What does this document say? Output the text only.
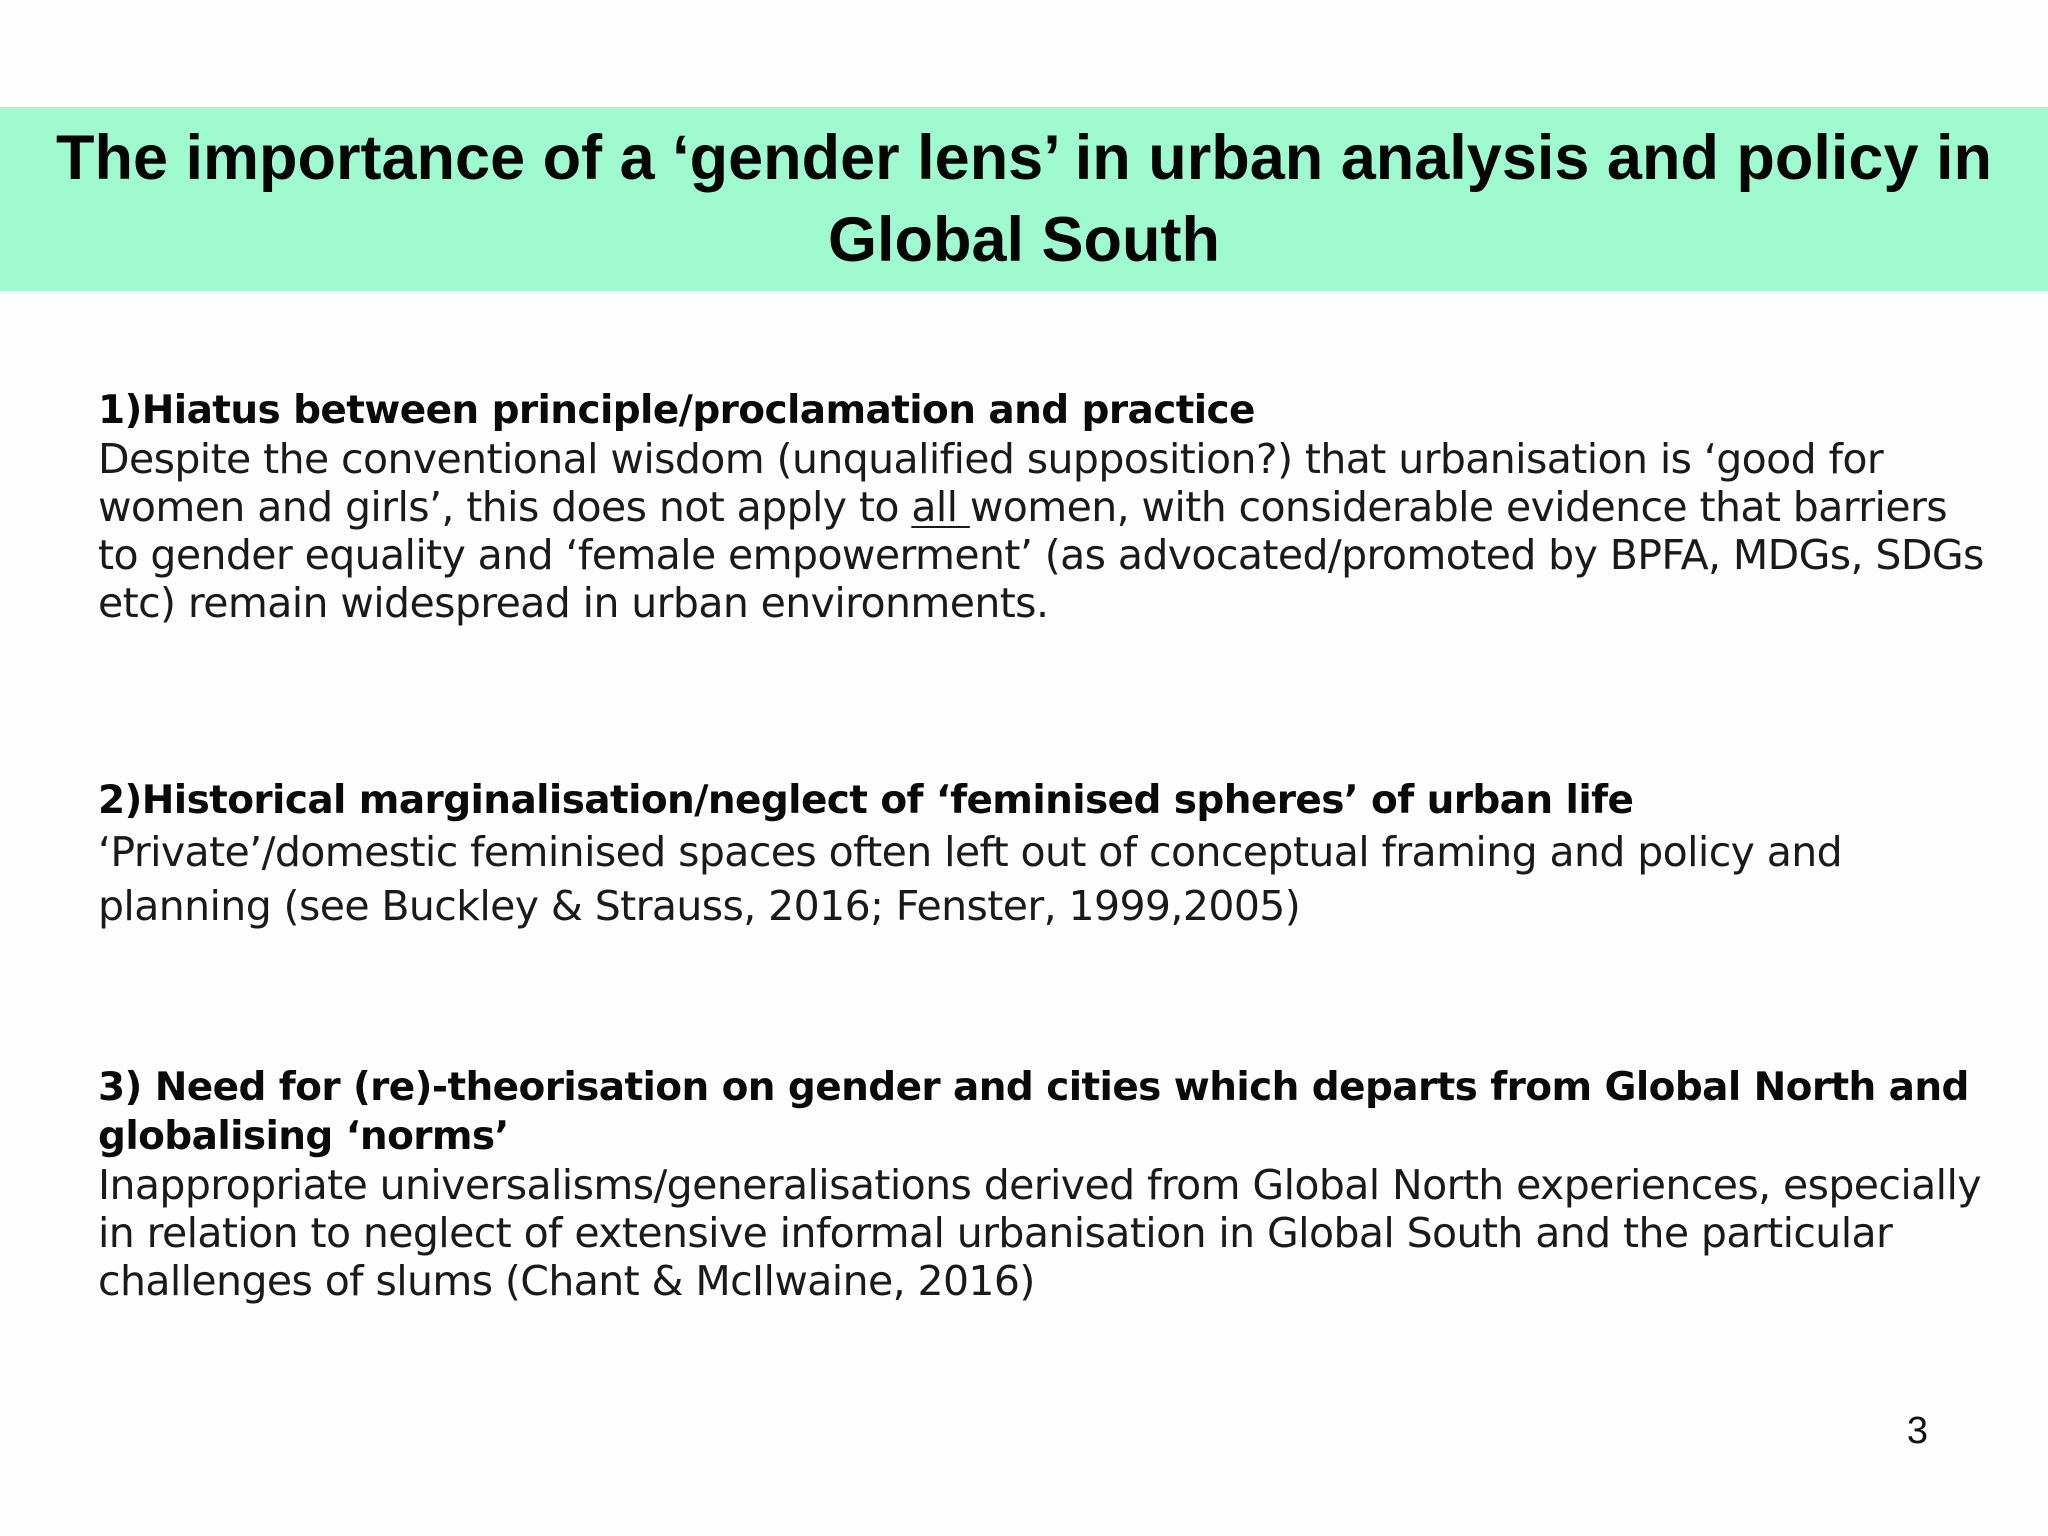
The importance of a ‘gender lens’ in urban analysis and policy in Global South
1)Hiatus between principle/proclamation and practice
Despite the conventional wisdom (unqualified supposition?) that urbanisation is ‘good for women and girls’, this does not apply to all women, with considerable evidence that barriers to gender equality and ‘female empowerment’ (as advocated/promoted by BPFA, MDGs, SDGs etc) remain widespread in urban environments.
2)Historical marginalisation/neglect of ‘feminised spheres’ of urban life
‘Private’/domestic feminised spaces often left out of conceptual framing and policy and planning (see Buckley & Strauss, 2016; Fenster, 1999,2005)
3) Need for (re)-theorisation on gender and cities which departs from Global North and globalising ‘norms’
Inappropriate universalisms/generalisations derived from Global North experiences, especially in relation to neglect of extensive informal urbanisation in Global South and the particular challenges of slums (Chant & McIlwaine, 2016)
3
